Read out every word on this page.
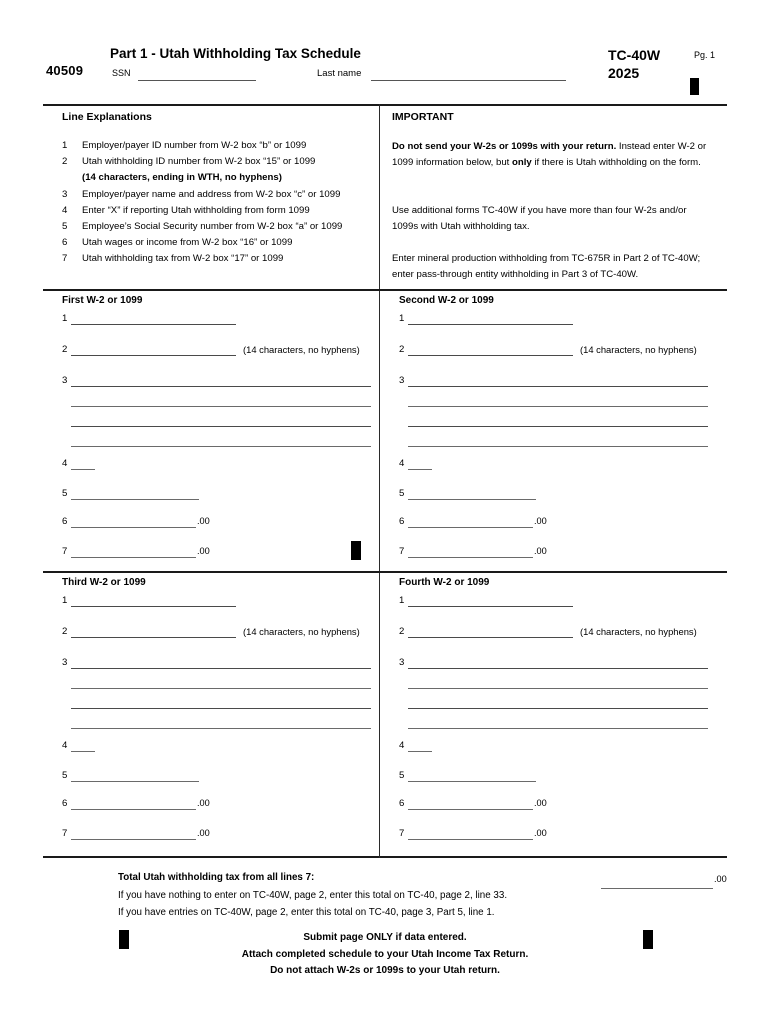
40509
Part 1 - Utah Withholding Tax Schedule
SSN	Last name
TC-40W
2025
Pg. 1
Line Explanations
1	Employer/payer ID number from W-2 box “b” or 1099
2	Utah withholding ID number from W-2 box “15” or 1099
(14 characters, ending in WTH, no hyphens)
3	Employer/payer name and address from W-2 box “c” or 1099
4	Enter “X” if reporting Utah withholding from form 1099
5	Employee’s Social Security number from W-2 box “a” or 1099
6	Utah wages or income from W-2 box “16” or 1099
7	Utah withholding tax from W-2 box “17” or 1099
IMPORTANT
Do not send your W-2s or 1099s with your return. Instead enter W-2 or 1099 information below, but only if there is Utah withholding on the form.
Use additional forms TC-40W if you have more than four W-2s and/or 1099s with Utah withholding tax.
Enter mineral production withholding from TC-675R in Part 2 of TC-40W; enter pass-through entity withholding in Part 3 of TC-40W.
First W-2 or 1099
1
2	(14 characters, no hyphens)
3
4
5
6	.00
7	.00
Second W-2 or 1099
1
2	(14 characters, no hyphens)
3
4
5
6	.00
7	.00
Third W-2 or 1099
1
2	(14 characters, no hyphens)
3
4
5
6	.00
7	.00
Fourth W-2 or 1099
1
2	(14 characters, no hyphens)
3
4
5
6	.00
7	.00
Total Utah withholding tax from all lines 7:
If you have nothing to enter on TC-40W, page 2, enter this total on TC-40, page 2, line 33.
If you have entries on TC-40W, page 2, enter this total on TC-40, page 3, Part 5, line 1.
.00
Submit page ONLY if data entered.
Attach completed schedule to your Utah Income Tax Return.
Do not attach W-2s or 1099s to your Utah return.
